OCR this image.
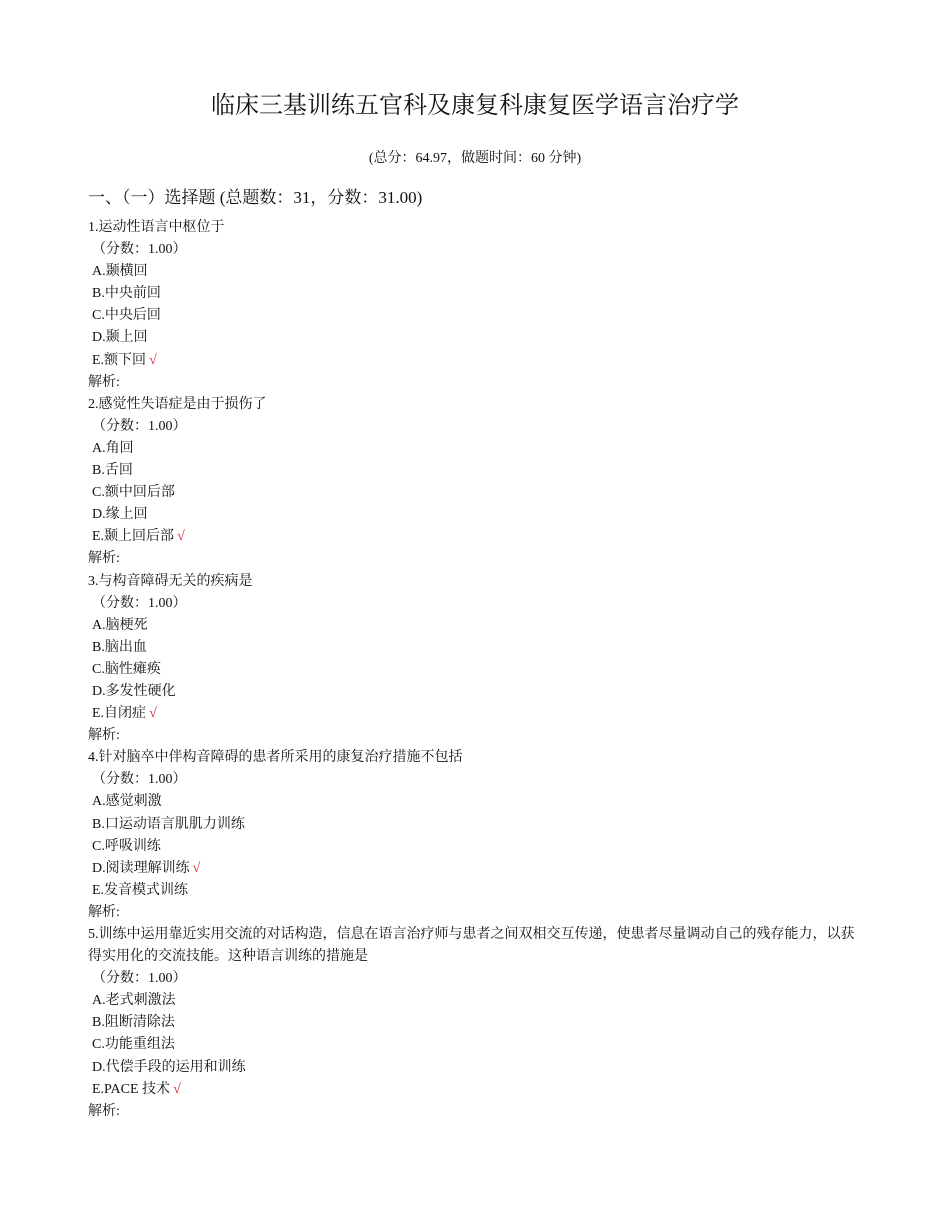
临床三基训练五官科及康复科康复医学语言治疗学
(总分：64.97，做题时间：60 分钟)
一、（一）选择题 (总题数：31，分数：31.00)
1.运动性语言中枢位于
（分数：1.00）
A.颞横回
B.中央前回
C.中央后回
D.颞上回
E.额下回 √
解析:
2.感觉性失语症是由于损伤了
（分数：1.00）
A.角回
B.舌回
C.额中回后部
D.缘上回
E.颞上回后部 √
解析:
3.与构音障碍无关的疾病是
（分数：1.00）
A.脑梗死
B.脑出血
C.脑性瘫痪
D.多发性硬化
E.自闭症 √
解析:
4.针对脑卒中伴构音障碍的患者所采用的康复治疗措施不包括
（分数：1.00）
A.感觉刺激
B.口运动语言肌肌力训练
C.呼吸训练
D.阅读理解训练 √
E.发音模式训练
解析:
5.训练中运用靠近实用交流的对话构造，信息在语言治疗师与患者之间双相交互传递，使患者尽量调动自己的残存能力，以获得实用化的交流技能。这种语言训练的措施是
（分数：1.00）
A.老式刺激法
B.阻断清除法
C.功能重组法
D.代偿手段的运用和训练
E.PACE 技术 √
解析:
